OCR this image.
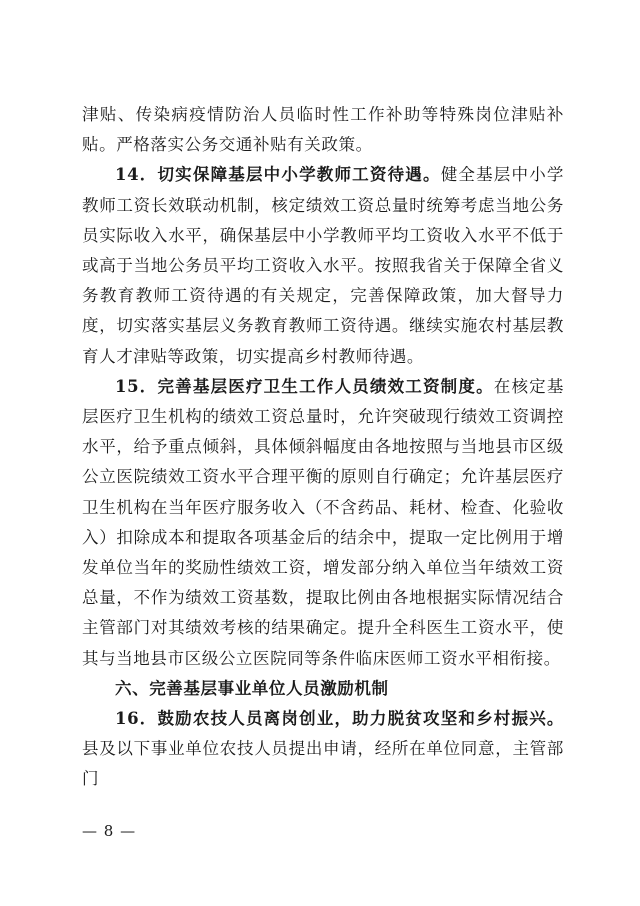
津贴、传染病疫情防治人员临时性工作补助等特殊岗位津贴补贴。严格落实公务交通补贴有关政策。

14．切实保障基层中小学教师工资待遇。健全基层中小学教师工资长效联动机制，核定绩效工资总量时统筹考虑当地公务员实际收入水平，确保基层中小学教师平均工资收入水平不低于或高于当地公务员平均工资收入水平。按照我省关于保障全省义务教育教师工资待遇的有关规定，完善保障政策，加大督导力度，切实落实基层义务教育教师工资待遇。继续实施农村基层教育人才津贴等政策，切实提高乡村教师待遇。

15．完善基层医疗卫生工作人员绩效工资制度。在核定基层医疗卫生机构的绩效工资总量时，允许突破现行绩效工资调控水平，给予重点倾斜，具体倾斜幅度由各地按照与当地县市区级公立医院绩效工资水平合理平衡的原则自行确定；允许基层医疗卫生机构在当年医疗服务收入（不含药品、耗材、检查、化验收入）扣除成本和提取各项基金后的结余中，提取一定比例用于增发单位当年的奖励性绩效工资，增发部分纳入单位当年绩效工资总量，不作为绩效工资基数，提取比例由各地根据实际情况结合主管部门对其绩效考核的结果确定。提升全科医生工资水平，使其与当地县市区级公立医院同等条件临床医师工资水平相衔接。

六、完善基层事业单位人员激励机制

16．鼓励农技人员离岗创业，助力脱贫攻坚和乡村振兴。县及以下事业单位农技人员提出申请，经所在单位同意，主管部门

— 8 —
